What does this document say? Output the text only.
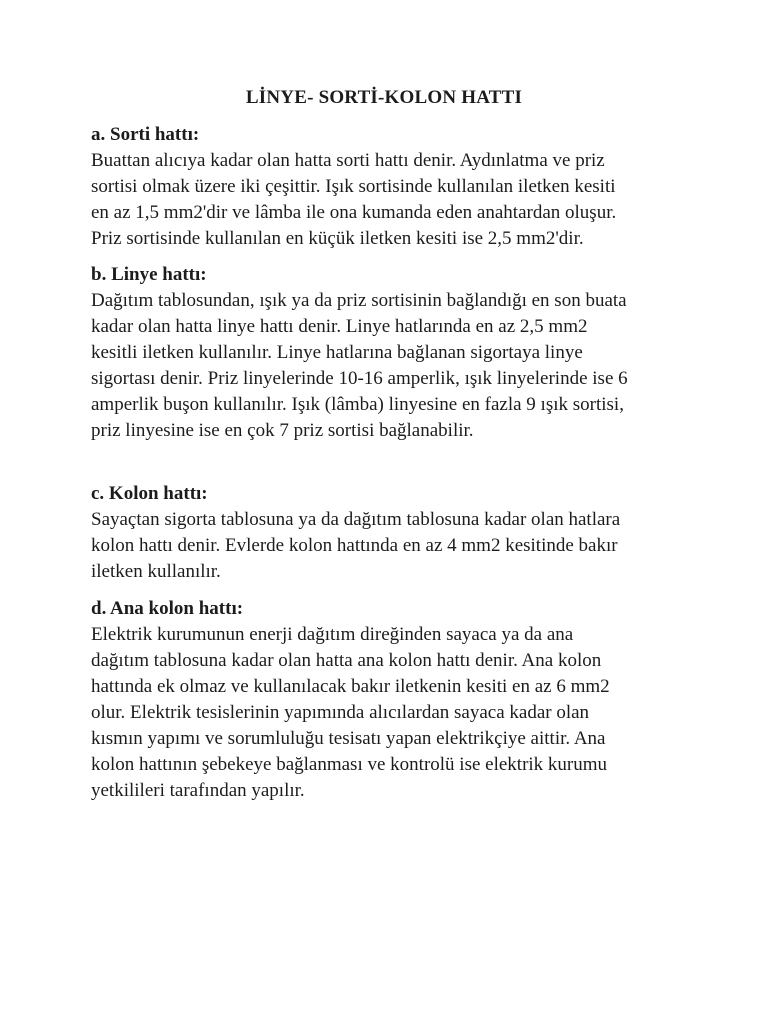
LİNYE- SORTİ-KOLON HATTI
a. Sorti hattı:
Buattan alıcıya kadar olan hatta sorti hattı denir. Aydınlatma ve priz
sortisi olmak üzere iki çeşittir. Işık sortisinde kullanılan iletken kesiti
en az 1,5 mm2'dir ve lâmba ile ona kumanda eden anahtardan oluşur.
Priz sortisinde kullanılan en küçük iletken kesiti ise 2,5 mm2'dir.
b. Linye hattı:
Dağıtım tablosundan, ışık ya da priz sortisinin bağlandığı en son buata
kadar olan hatta linye hattı denir. Linye hatlarında en az 2,5 mm2
kesitli iletken kullanılır. Linye hatlarına bağlanan sigortaya linye
sigortası denir. Priz linyelerinde 10-16 amperlik, ışık linyelerinde ise 6
amperlik buşon kullanılır. Işık (lâmba) linyesine en fazla 9 ışık sortisi,
priz linyesine ise en çok 7 priz sortisi bağlanabilir.
c. Kolon hattı:
Sayaçtan sigorta tablosuna ya da dağıtım tablosuna kadar olan hatlara
kolon hattı denir. Evlerde kolon hattında en az 4 mm2 kesitinde bakır
iletken kullanılır.
d. Ana kolon hattı:
Elektrik kurumunun enerji dağıtım direğinden sayaca ya da ana
dağıtım tablosuna kadar olan hatta ana kolon hattı denir. Ana kolon
hattında ek olmaz ve kullanılacak bakır iletkenin kesiti en az 6 mm2
olur. Elektrik tesislerinin yapımında alıcılardan sayaca kadar olan
kısmın yapımı ve sorumluluğu tesisatı yapan elektrikçiye aittir. Ana
kolon hattının şebekeye bağlanması ve kontrolü ise elektrik kurumu
yetkilileri tarafından yapılır.
